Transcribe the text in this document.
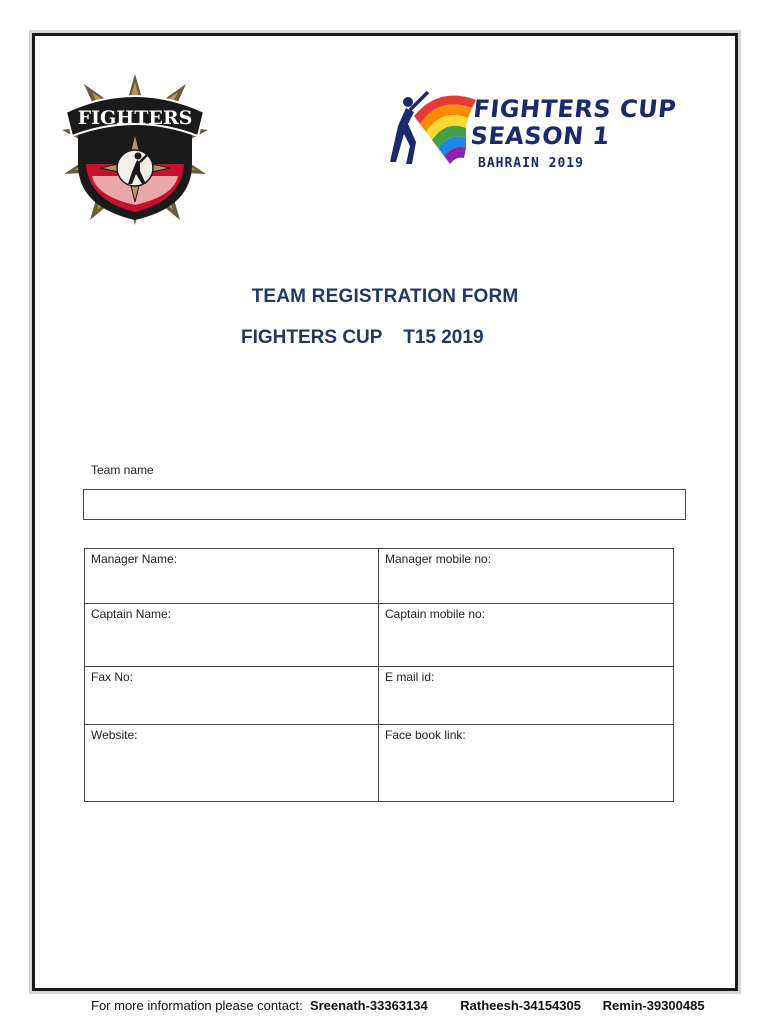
FIGHTERS	FIGHTERS CUP
SEASON 1
BAHRAIN 2019
TEAM REGISTRATION FORM
FIGHTERS CUP    T15 2019
Team name
Manager Name:	Manager mobile no:

Captain Name:	Captain mobile no:

Fax No:	E mail id:

Website:	Face book link:
For more information please contact: Sreenath-33363134	Ratheesh-34154305 Remin-39300485
